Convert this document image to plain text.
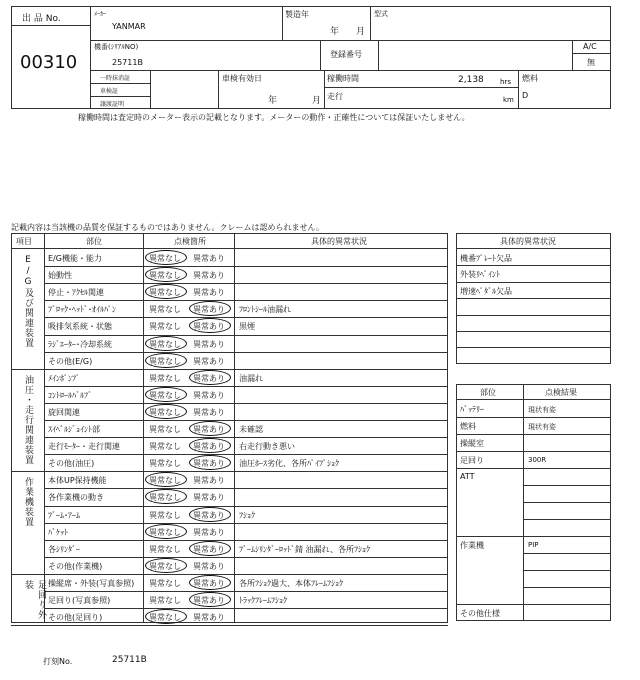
出 品 No.
00310
ﾒｰｶｰ
YANMAR
製造年
年 月
型式
機番(ｼﾘｱﾙNO)
25711B
登録番号
A/C
無
一時抹消証
車検証
譲渡証明
車検有効日
年	月
稼働時間	2,138 hrs
走行	km
燃料
D
稼働時間は査定時のメーター表示の記載となります。メーターの動作・正確性については保証いたしません。
記載内容は当該機の品質を保証するものではありません。クレームは認められません。
項目	部位	点検箇所	具体的異常状況
E/G機能・能力	異常なし 異常あり
始動性	異常なし 異常あり
停止・ｱｸｾﾙ関連	異常なし 異常あり
ﾌﾞﾛｯｸ･ﾍｯﾄﾞ･ｵｲﾙﾊﾟﾝ	異常なし 異常あり ﾌﾛﾝﾄｼｰﾙ油漏れ
吸排気系統・状態	異常なし 異常あり 黒煙
ﾗｼﾞｴｰﾀｰ･冷却系統	異常なし 異常あり
その他(E/G)	異常なし 異常あり
E/G及び関連装置
ﾒｲﾝﾎﾟﾝﾌﾟ	異常なし 異常あり 油漏れ
ｺﾝﾄﾛｰﾙﾊﾞﾙﾌﾞ	異常なし 異常あり
旋回関連	異常なし 異常あり
ｽｲﾍﾞﾙｼﾞｮｲﾝﾄ部	異常なし 異常あり 未確認
走行ﾓｰﾀｰ・走行関連	異常なし 異常あり 右走行動き悪い
その他(油圧)	異常なし 異常あり 油圧ﾎｰｽ劣化、各所ﾊﾟｲﾌﾟｼｮｸ
油圧・走行関連装置
本体UP保持機能	異常なし 異常あり
各作業機の動き	異常なし 異常あり
ﾌﾞｰﾑ･ｱｰﾑ	異常なし 異常あり ﾌｼｮｸ
ﾊﾞｹｯﾄ	異常なし 異常あり
各ｼﾘﾝﾀﾞｰ	異常なし 異常あり ﾌﾞｰﾑｼﾘﾝﾀﾞｰﾛｯﾄﾞ錆 油漏れ、各所ﾌｼｮｸ
その他(作業機)	異常なし 異常あり
作業機装置
操縦席・外装(写真参照) 異常なし 異常あり 各所ﾌｼｮｸ過大、本体ﾌﾚｰﾑﾌｼｮｸ
足回り(写真参照)	異常なし 異常あり ﾄﾗｯｸﾌﾚｰﾑﾌｼｮｸ
その他(足回り)	異常なし 異常あり
足回り外装
具体的異常状況
機番ﾌﾟﾚｰﾄ欠品
外装ﾘﾍﾟｲﾝﾄ
増速ﾍﾟﾀﾞﾙ欠品
部位	点検結果
ﾊﾞｯﾃﾘｰ	現状有姿
燃料	現状有姿
操縦室
足回り	300R
ATT
作業機	PIP
その他仕様
打刻No.	25711B
